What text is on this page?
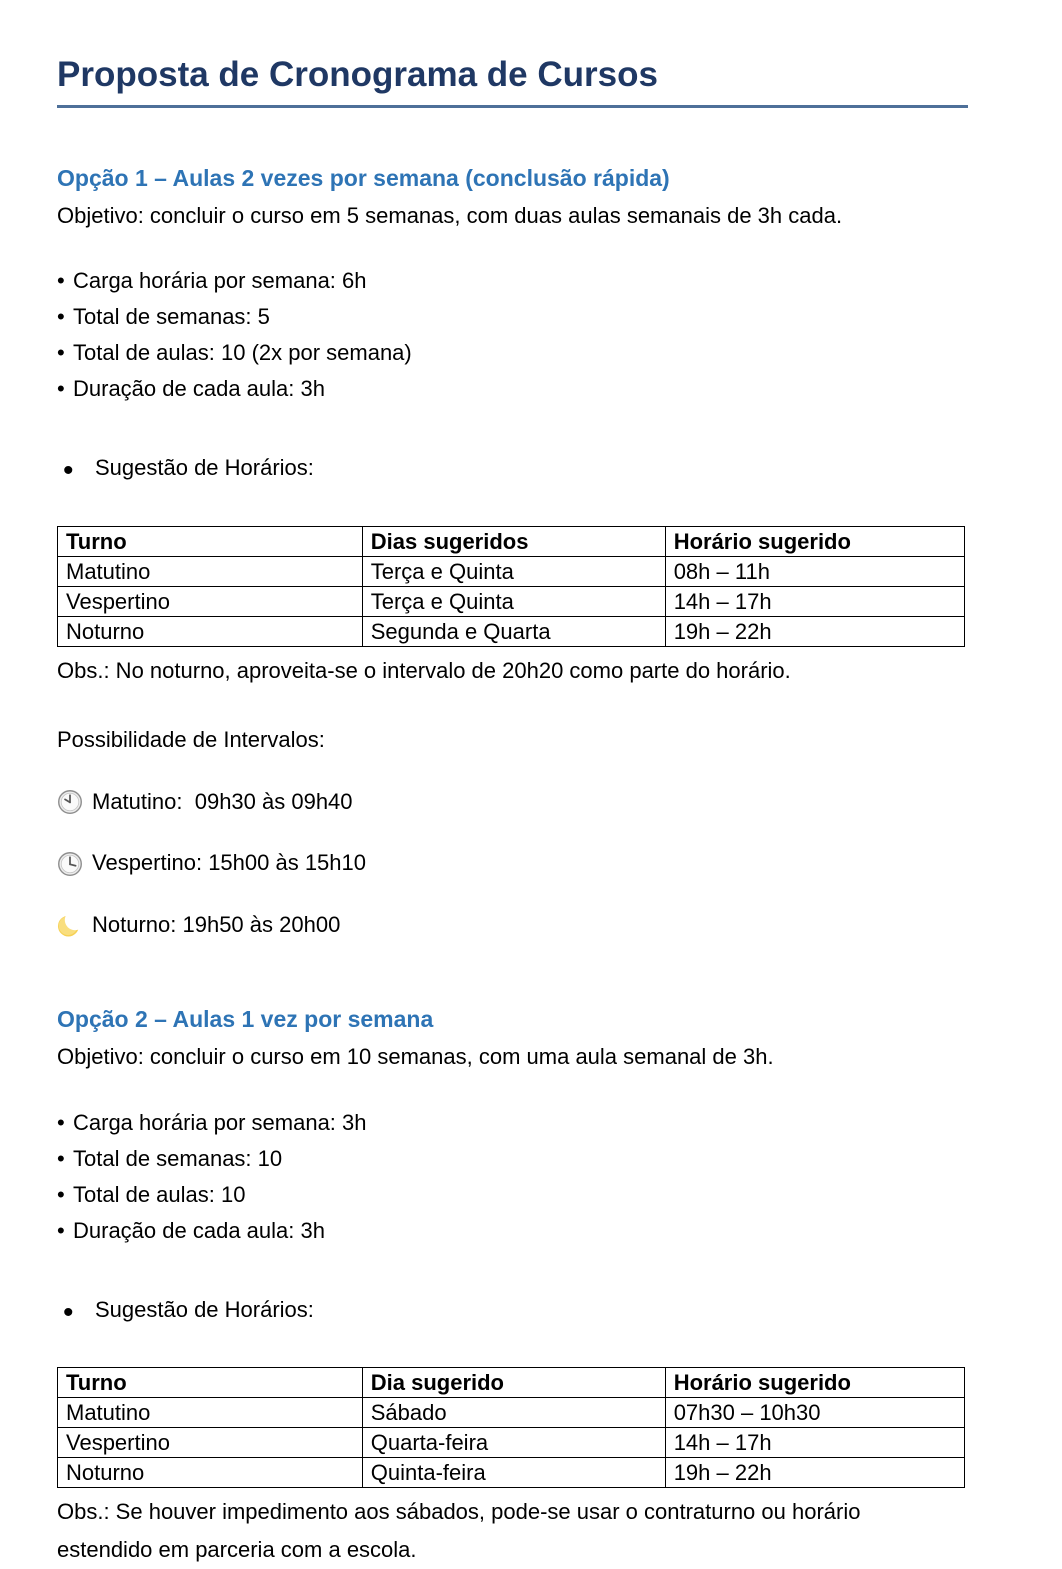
Proposta de Cronograma de Cursos
Opção 1 – Aulas 2 vezes por semana (conclusão rápida)

Objetivo: concluir o curso em 5 semanas, com duas aulas semanais de 3h cada.

• Carga horária por semana: 6h

• Total de semanas: 5

• Total de aulas: 10 (2x por semana)

• Duração de cada aula: 3h

• Sugestão de Horários:

Turno	Dias sugeridos	Horário sugerido
Matutino	Terça e Quinta	08h – 11h
Vespertino	Terça e Quinta	14h – 17h
Noturno	Segunda e Quarta	19h – 22h

Obs.: No noturno, aproveita-se o intervalo de 20h20 como parte do horário.

Possibilidade de Intervalos:

Matutino:  09h30 às 09h40
Vespertino: 15h00 às 15h10
Noturno: 19h50 às 20h00
Opção 2 – Aulas 1 vez por semana

Objetivo: concluir o curso em 10 semanas, com uma aula semanal de 3h.

• Carga horária por semana: 3h

• Total de semanas: 10

• Total de aulas: 10

• Duração de cada aula: 3h

• Sugestão de Horários:

Turno	Dia sugerido	Horário sugerido
Matutino	Sábado	07h30 – 10h30
Vespertino	Quarta-feira	14h – 17h
Noturno	Quinta-feira	19h – 22h

Obs.: Se houver impedimento aos sábados, pode-se usar o contraturno ou horário estendido em parceria com a escola.
